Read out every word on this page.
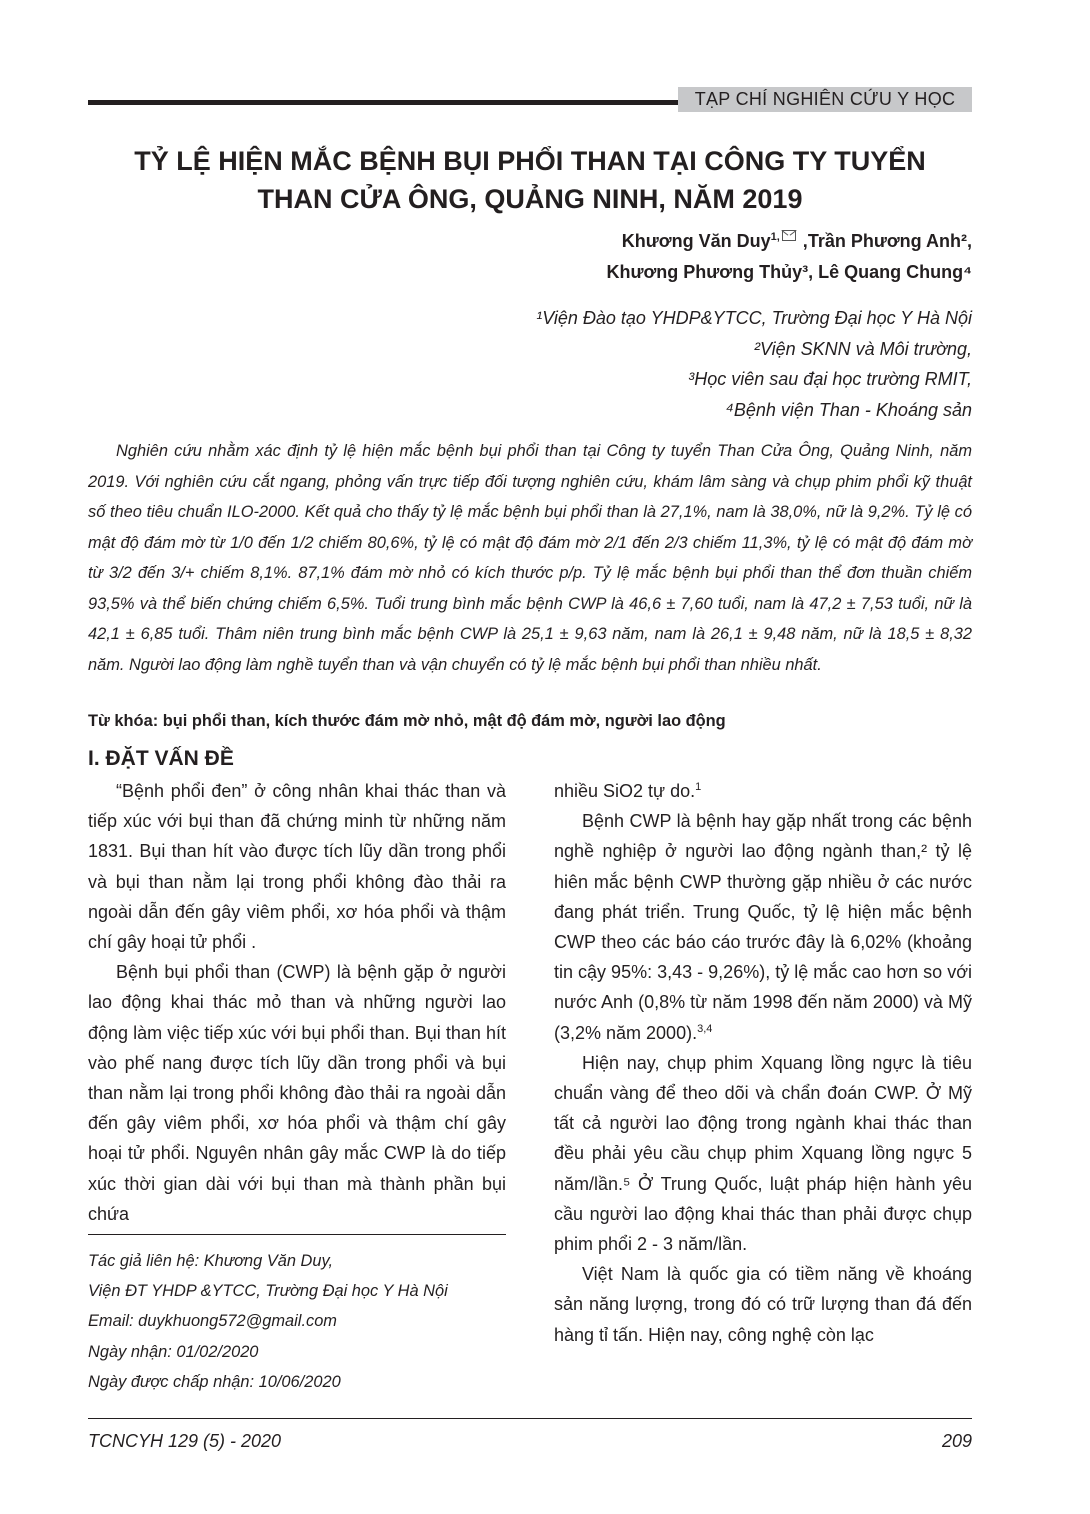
TẠP CHÍ NGHIÊN CỨU Y HỌC
TỶ LỆ HIỆN MẮC BỆNH BỤI PHỔI THAN TẠI CÔNG TY TUYỂN
THAN CỬA ÔNG, QUẢNG NINH, NĂM 2019
Khương Văn Duy$^{1,}$ ,Trần Phương Anh²,
Khương Phương Thủy³, Lê Quang Chung⁴
¹Viện Đào tạo YHDP&YTCC, Trường Đại học Y Hà Nội
²Viện SKNN và Môi trường,
³Học viên sau đại học trường RMIT,
⁴Bệnh viện Than - Khoáng sản

Nghiên cứu nhằm xác định tỷ lệ hiện mắc bệnh bụi phổi than tại Công ty tuyển Than Cửa Ông, Quảng Ninh, năm 2019. Với nghiên cứu cắt ngang, phỏng vấn trực tiếp đối tượng nghiên cứu, khám lâm sàng và chụp phim phổi kỹ thuật số theo tiêu chuẩn ILO-2000. Kết quả cho thấy tỷ lệ mắc bệnh bụi phổi than là 27,1%, nam là 38,0%, nữ là 9,2%. Tỷ lệ có mật độ đám mờ từ 1/0 đến 1/2 chiếm 80,6%, tỷ lệ có mật độ đám mờ 2/1 đến 2/3 chiếm 11,3%, tỷ lệ có mật độ đám mờ từ 3/2 đến 3/+ chiếm 8,1%. 87,1% đám mờ nhỏ có kích thước p/p. Tỷ lệ mắc bệnh bụi phổi than thể đơn thuần chiếm 93,5% và thể biến chứng chiếm 6,5%. Tuổi trung bình mắc bệnh CWP là 46,6 ± 7,60 tuổi, nam là 47,2 ± 7,53 tuổi, nữ là 42,1 ± 6,85 tuổi. Thâm niên trung bình mắc bệnh CWP là 25,1 ± 9,63 năm, nam là 26,1 ± 9,48 năm, nữ là 18,5 ± 8,32 năm. Người lao động làm nghề tuyển than và vận chuyển có tỷ lệ mắc bệnh bụi phổi than nhiều nhất.

Từ khóa: bụi phổi than, kích thước đám mờ nhỏ, mật độ đám mờ, người lao động
I. ĐẶT VẤN ĐỀ

“Bệnh phổi đen” ở công nhân khai thác than và tiếp xúc với bụi than đã chứng minh từ những năm 1831. Bụi than hít vào được tích lũy dần trong phổi và bụi than nằm lại trong phổi không đào thải ra ngoài dẫn đến gây viêm phổi, xơ hóa phổi và thậm chí gây hoại tử phổi .

Bệnh bụi phổi than (CWP) là bệnh gặp ở người lao động khai thác mỏ than và những người lao động làm việc tiếp xúc với bụi phổi than. Bụi than hít vào phế nang được tích lũy dần trong phổi và bụi than nằm lại trong phổi không đào thải ra ngoài dẫn đến gây viêm phổi, xơ hóa phổi và thậm chí gây hoại tử phổi. Nguyên nhân gây mắc CWP là do tiếp xúc thời gian dài với bụi than mà thành phần bụi chứa

nhiều SiO2 tự do.$^1$

Bệnh CWP là bệnh hay gặp nhất trong các bệnh nghề nghiệp ở người lao động ngành than,² tỷ lệ hiên mắc bệnh CWP thường gặp nhiều ở các nước đang phát triển. Trung Quốc, tỷ lệ hiện mắc bệnh CWP theo các báo cáo trước đây là 6,02% (khoảng tin cậy 95%: 3,43 - 9,26%), tỷ lệ mắc cao hơn so với nước Anh (0,8% từ năm 1998 đến năm 2000) và Mỹ (3,2% năm 2000).$^{3,4}$

Hiện nay, chụp phim Xquang lồng ngực là tiêu chuẩn vàng để theo dõi và chẩn đoán CWP. Ở Mỹ tất cả người lao động trong ngành khai thác than đều phải yêu cầu chụp phim Xquang lồng ngực 5 năm/lần.⁵ Ở Trung Quốc, luật pháp hiện hành yêu cầu người lao động khai thác than phải được chụp phim phổi 2 - 3 năm/lần.

Việt Nam là quốc gia có tiềm năng về khoáng sản năng lượng, trong đó có trữ lượng than đá đến hàng tỉ tấn. Hiện nay, công nghệ còn lạc

Tác giả liên hệ: Khương Văn Duy,
Viện ĐT YHDP &YTCC, Trường Đại học Y Hà Nội
Email: duykhuong572@gmail.com
Ngày nhận: 01/02/2020
Ngày được chấp nhận: 10/06/2020
TCNCYH 129 (5) - 2020	209
